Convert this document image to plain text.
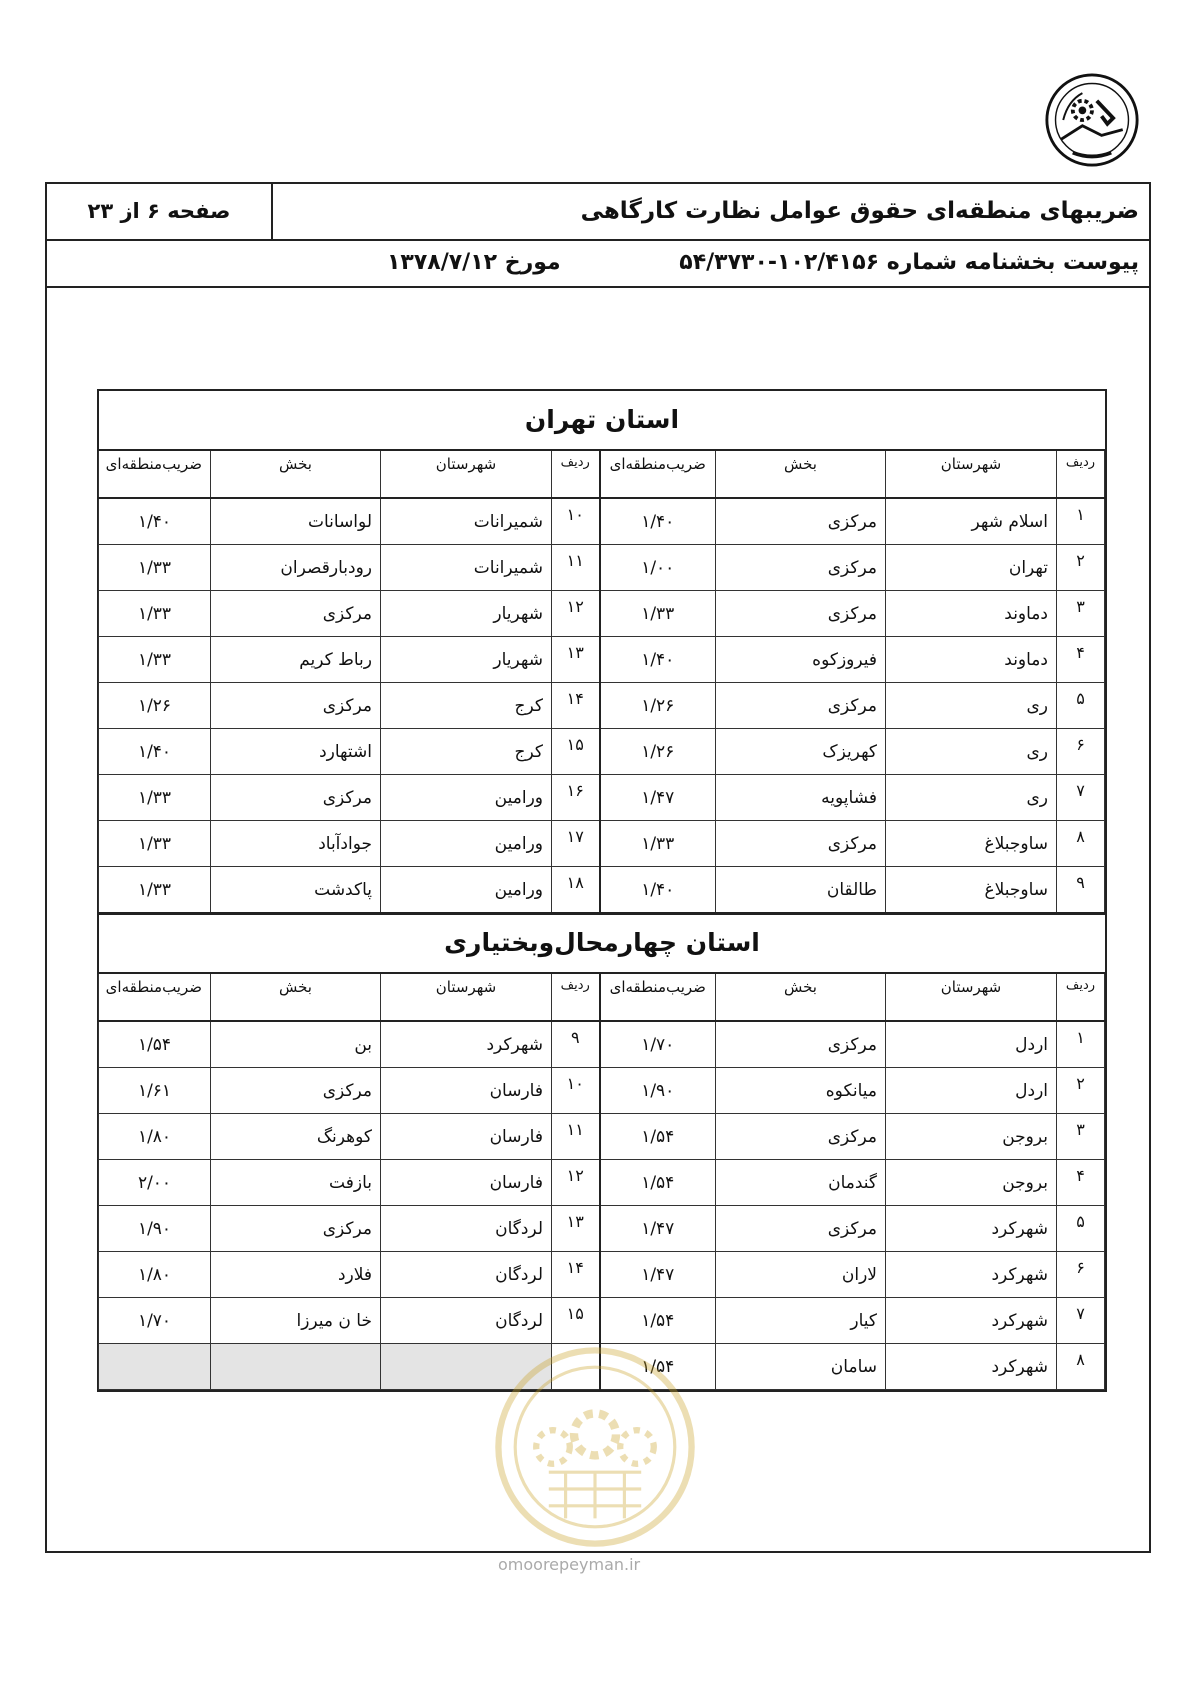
ضریبهای منطقه‌ای حقوق عوامل نظارت کارگاهی
صفحه ۶ از ۲۳
پیوست بخشنامه شماره ۱۰۲/۴۱۵۶-۵۴/۳۷۳۰
مورخ ۱۳۷۸/۷/۱۲
استان تهران
ردیف	شهرستان	بخش	ضریب‌منطقه‌ای	ردیف	شهرستان	بخش	ضریب‌منطقه‌ای
۱	اسلام شهر	مرکزی	۱/۴۰	۱۰	شمیرانات	لواسانات	۱/۴۰
۲	تهران	مرکزی	۱/۰۰	۱۱	شمیرانات	رودبارقصران	۱/۳۳
۳	دماوند	مرکزی	۱/۳۳	۱۲	شهریار	مرکزی	۱/۳۳
۴	دماوند	فیروزکوه	۱/۴۰	۱۳	شهریار	رباط کریم	۱/۳۳
۵	ری	مرکزی	۱/۲۶	۱۴	کرج	مرکزی	۱/۲۶
۶	ری	کهریزک	۱/۲۶	۱۵	کرج	اشتهارد	۱/۴۰
۷	ری	فشاپویه	۱/۴۷	۱۶	ورامین	مرکزی	۱/۳۳
۸	ساوجبلاغ	مرکزی	۱/۳۳	۱۷	ورامین	جوادآباد	۱/۳۳
۹	ساوجبلاغ	طالقان	۱/۴۰	۱۸	ورامین	پاکدشت	۱/۳۳
استان چهارمحال‌وبختیاری
ردیف	شهرستان	بخش	ضریب‌منطقه‌ای	ردیف	شهرستان	بخش	ضریب‌منطقه‌ای
۱	اردل	مرکزی	۱/۷۰	۹	شهرکرد	بن	۱/۵۴
۲	اردل	میانکوه	۱/۹۰	۱۰	فارسان	مرکزی	۱/۶۱
۳	بروجن	مرکزی	۱/۵۴	۱۱	فارسان	کوهرنگ	۱/۸۰
۴	بروجن	گندمان	۱/۵۴	۱۲	فارسان	بازفت	۲/۰۰
۵	شهرکرد	مرکزی	۱/۴۷	۱۳	لردگان	مرکزی	۱/۹۰
۶	شهرکرد	لاران	۱/۴۷	۱۴	لردگان	فلارد	۱/۸۰
۷	شهرکرد	کیار	۱/۵۴	۱۵	لردگان	خا ن میرزا	۱/۷۰
۸	شهرکرد	سامان	۱/۵۴				
omoorepeyman.ir
